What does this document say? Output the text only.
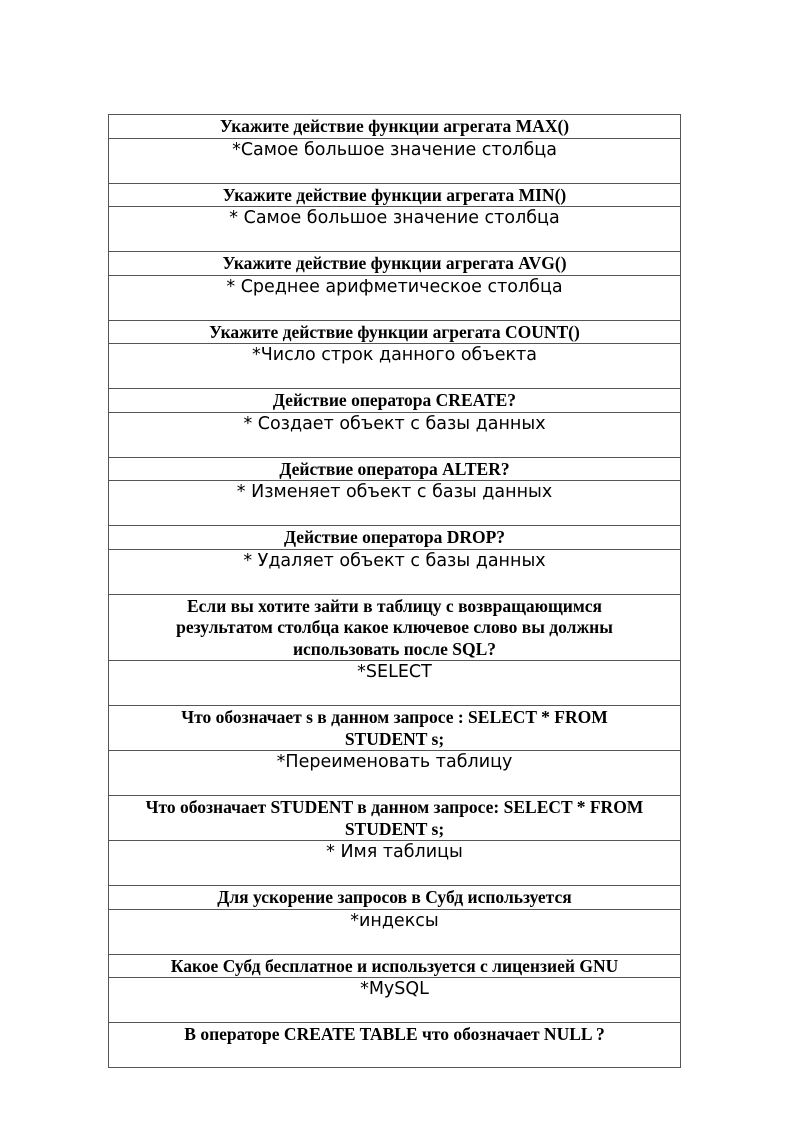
Укажите действие функции агрегата MAX()
*Самое большое значение столбца
Укажите действие функции агрегата MIN()
* Самое большое значение столбца
Укажите действие функции агрегата AVG()
* Среднее арифметическое столбца
Укажите действие функции агрегата COUNT()
*Число строк данного объекта
Действие оператора CREATE?
* Создает объект с базы данных
Действие оператора ALTER?
* Изменяет объект с базы данных
Действие оператора DROP?
* Удаляет объект с базы данных
Если вы хотите зайти в таблицу с возвращающимся результатом столбца какое ключевое слово вы должны использовать после SQL?
*SELECT
Что обозначает s в данном запросе : SELECT * FROM STUDENT s;
*Переименовать таблицу
Что обозначает STUDENT в данном запросе: SELECT * FROM STUDENT s;
* Имя таблицы
Для ускорение запросов в Субд используется
*индексы
Какое Субд бесплатное и используется с лицензией GNU
*MySQL
В операторе CREATE TABLE что обозначает NULL ?
